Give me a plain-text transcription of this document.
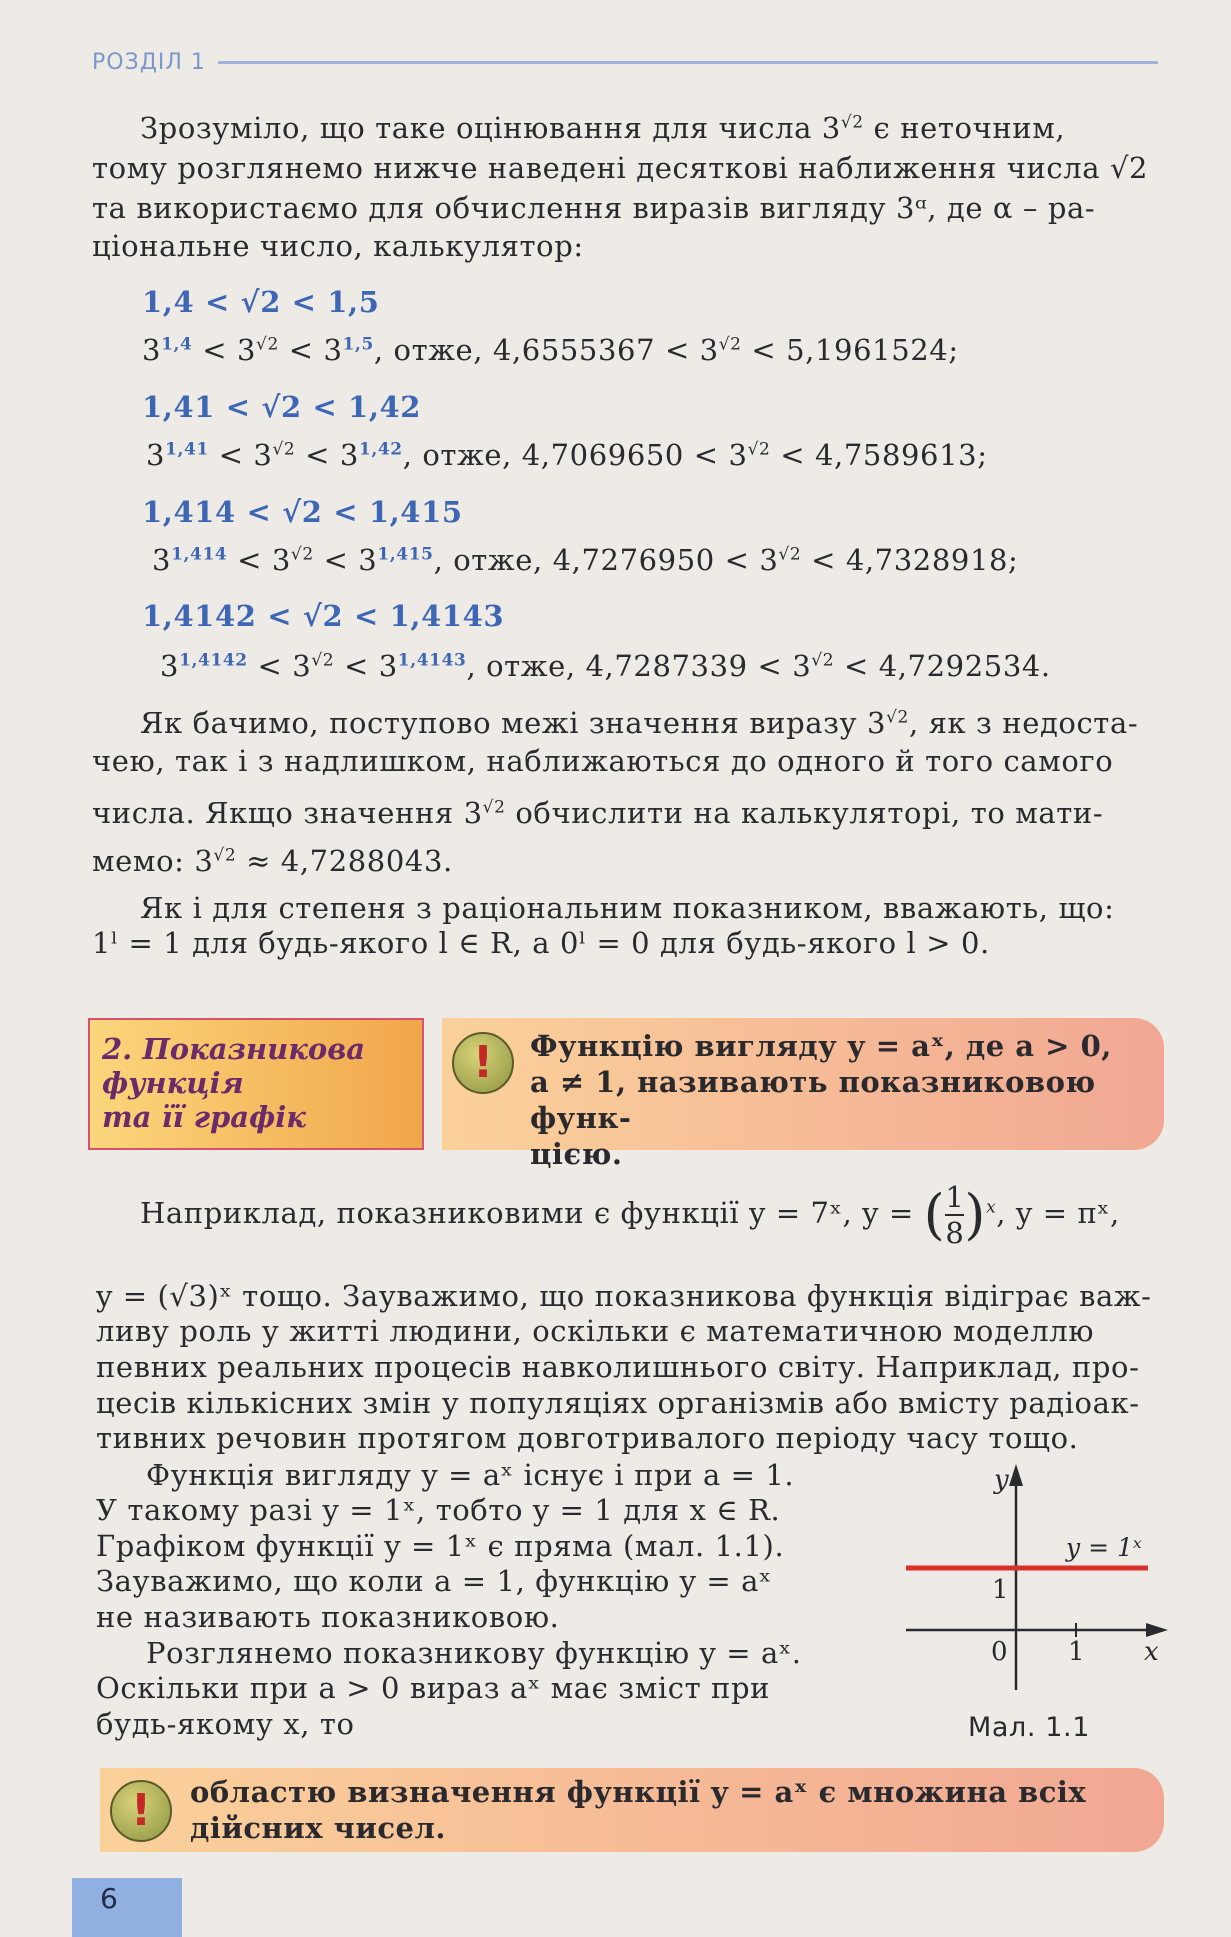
РОЗДІЛ 1
Зрозуміло, що таке оцінювання для числа $3^{√2}$ є неточним,
тому розглянемо нижче наведені десяткові наближення числа √2
та використаємо для обчислення виразів вигляду 3ᵅ, де α – ра-
ціональне число, калькулятор:
1,4 < √2 < 1,5
$3^{1,4} < 3^{√2} < 3^{1,5}$, отже, $4,6555367 < 3^{√2} < 5,1961524$;
1,41 < √2 < 1,42
$3^{1,41} < 3^{√2} < 3^{1,42}$, отже, $4,7069650 < 3^{√2} < 4,7589613$;
1,414 < √2 < 1,415
$3^{1,414} < 3^{√2} < 3^{1,415}$, отже, $4,7276950 < 3^{√2} < 4,7328918$;
1,4142 < √2 < 1,4143
$3^{1,4142} < 3^{√2} < 3^{1,4143}$, отже, $4,7287339 < 3^{√2} < 4,7292534$.
Як бачимо, поступово межі значення виразу $3^{√2}$, як з недоста-
чею, так і з надлишком, наближаються до одного й того самого
числа. Якщо значення $3^{√2}$ обчислити на калькуляторі, то мати-
мемо: $3^{√2} \approx 4,7288043$.
Як і для степеня з раціональним показником, вважають, що:
1ˡ = 1 для будь-якого l ∈ R, а 0ˡ = 0 для будь-якого l > 0.
2. Показникова
функція
та її графік
!	Функцію вигляду y = aˣ, де a > 0,
a ≠ 1, називають показниковою функ-
цією.
Наприклад, показниковими є функції y = 7ˣ, y = ( $\frac{1}{8} )^x$, y = πˣ,
y = (√3)ˣ тощо. Зауважимо, що показникова функція відіграє важ-
ливу роль у житті людини, оскільки є математичною моделлю
певних реальних процесів навколишнього світу. Наприклад, про-
цесів кількісних змін у популяціях організмів або вмісту радіоак-
тивних речовин протягом довготривалого періоду часу тощо.
Функція вигляду y = aˣ існує і при a = 1.
У такому разі y = 1ˣ, тобто y = 1 для x ∈ R.
Графіком функції y = 1ˣ є пряма (мал. 1.1).
Зауважимо, що коли a = 1, функцію y = aˣ
не називають показниковою.
Розглянемо показникову функцію y = aˣ.
Оскільки при a > 0 вираз aˣ має зміст при
будь-якому x, то
y
x
0 1
1
y = 1ˣ
Мал. 1.1
!	областю визначення функції y = aˣ є множина всіх
дійсних чисел.
6
